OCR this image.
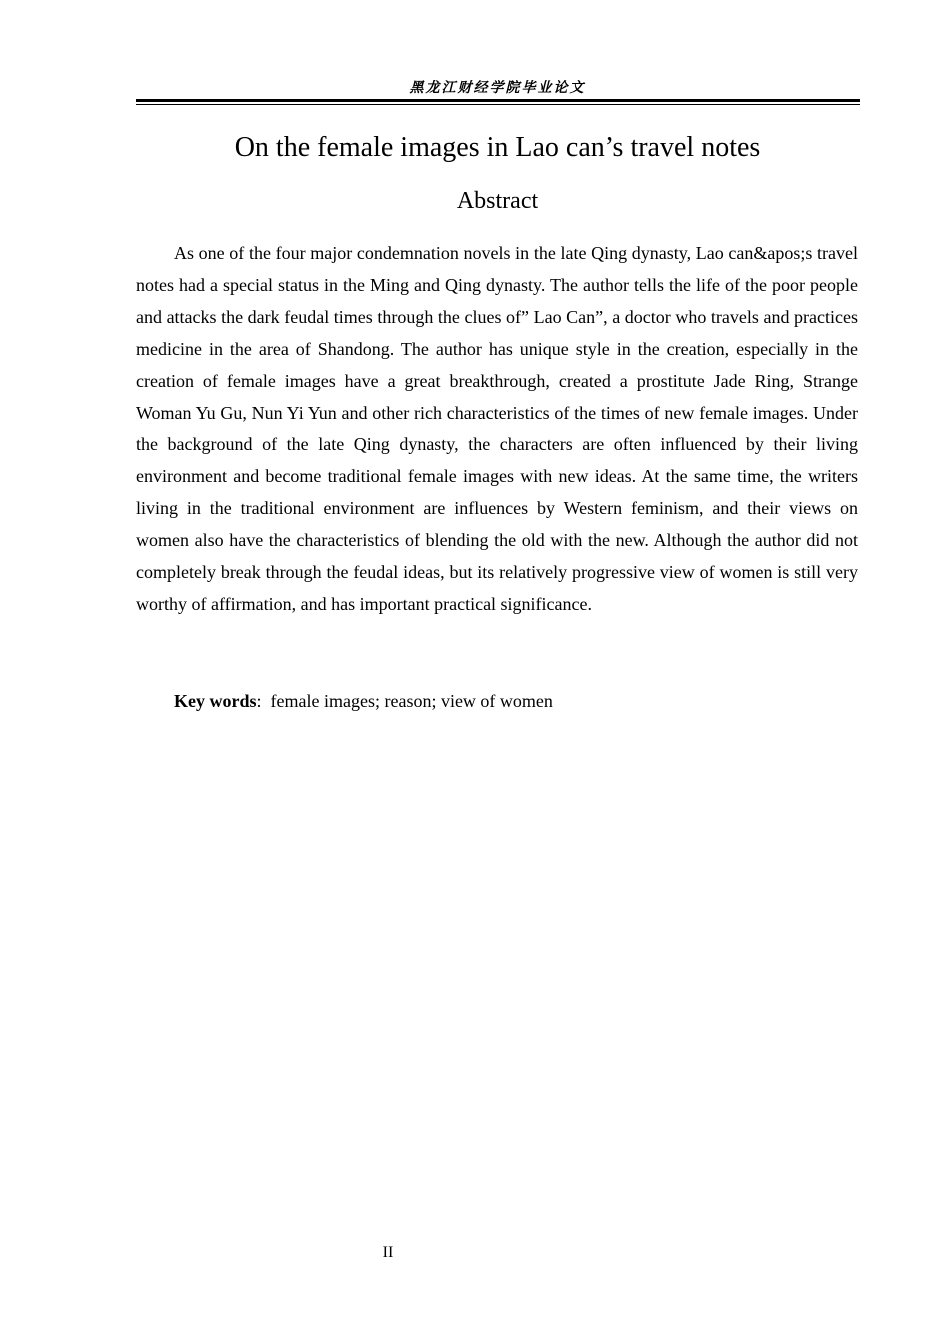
黑龙江财经学院毕业论文
On the female images in Lao can’s travel notes
Abstract

As one of the four major condemnation novels in the late Qing dynasty, Lao can&apos;s travel notes had a special status in the Ming and Qing dynasty. The author tells the life of the poor people and attacks the dark feudal times through the clues of” Lao Can”, a doctor who travels and practices medicine in the area of Shandong. The author has unique style in the creation, especially in the creation of female images have a great breakthrough, created a prostitute Jade Ring, Strange Woman Yu Gu, Nun Yi Yun and other rich characteristics of the times of new female images. Under the background of the late Qing dynasty, the characters are often influenced by their living environment and become traditional female images with new ideas. At the same time, the writers living in the traditional environment are influences by Western feminism, and their views on women also have the characteristics of blending the old with the new. Although the author did not completely break through the feudal ideas, but its relatively progressive view of women is still very worthy of affirmation, and has important practical significance.

Key words:  female images; reason; view of women

II
